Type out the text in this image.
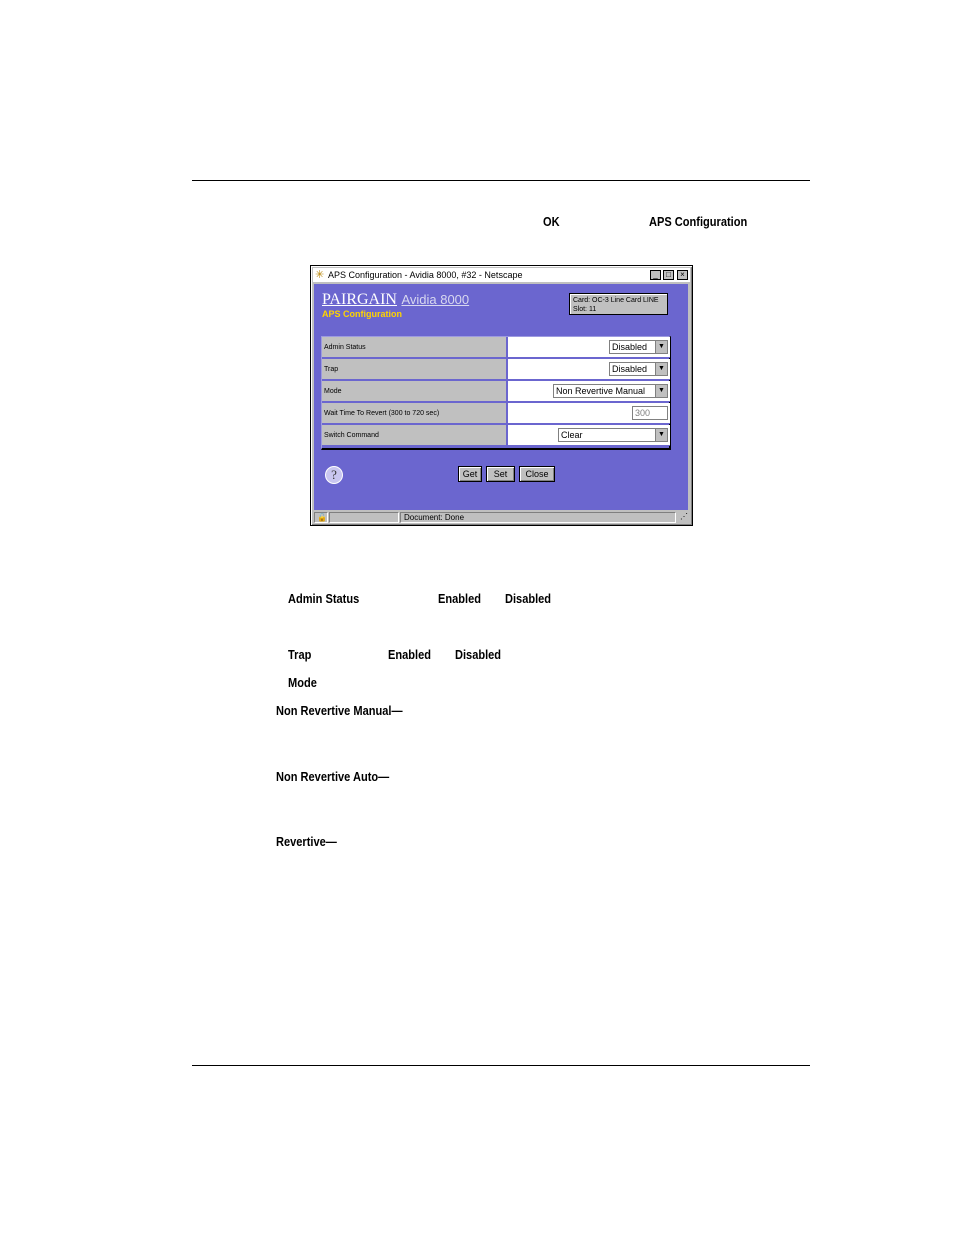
OK	APS Configuration
✳ APS Configuration - Avidia 8000, #32 - Netscape	_	□	×
PAIRGAIN Avidia 8000
APS Configuration
Card: OC-3 Line Card LINE
Slot: 11
Admin Status	Disabled	▼
Trap	Disabled	▼
Mode	Non Revertive Manual	▼
Wait Time To Revert (300 to 720 sec)	300
Switch Command	Clear	▼
?	Get	Set	Close
🔓	Document: Done	⋰
Admin Status	Enabled Disabled
Trap	Enabled Disabled
Mode
Non Revertive Manual—
Non Revertive Auto—
Revertive—
